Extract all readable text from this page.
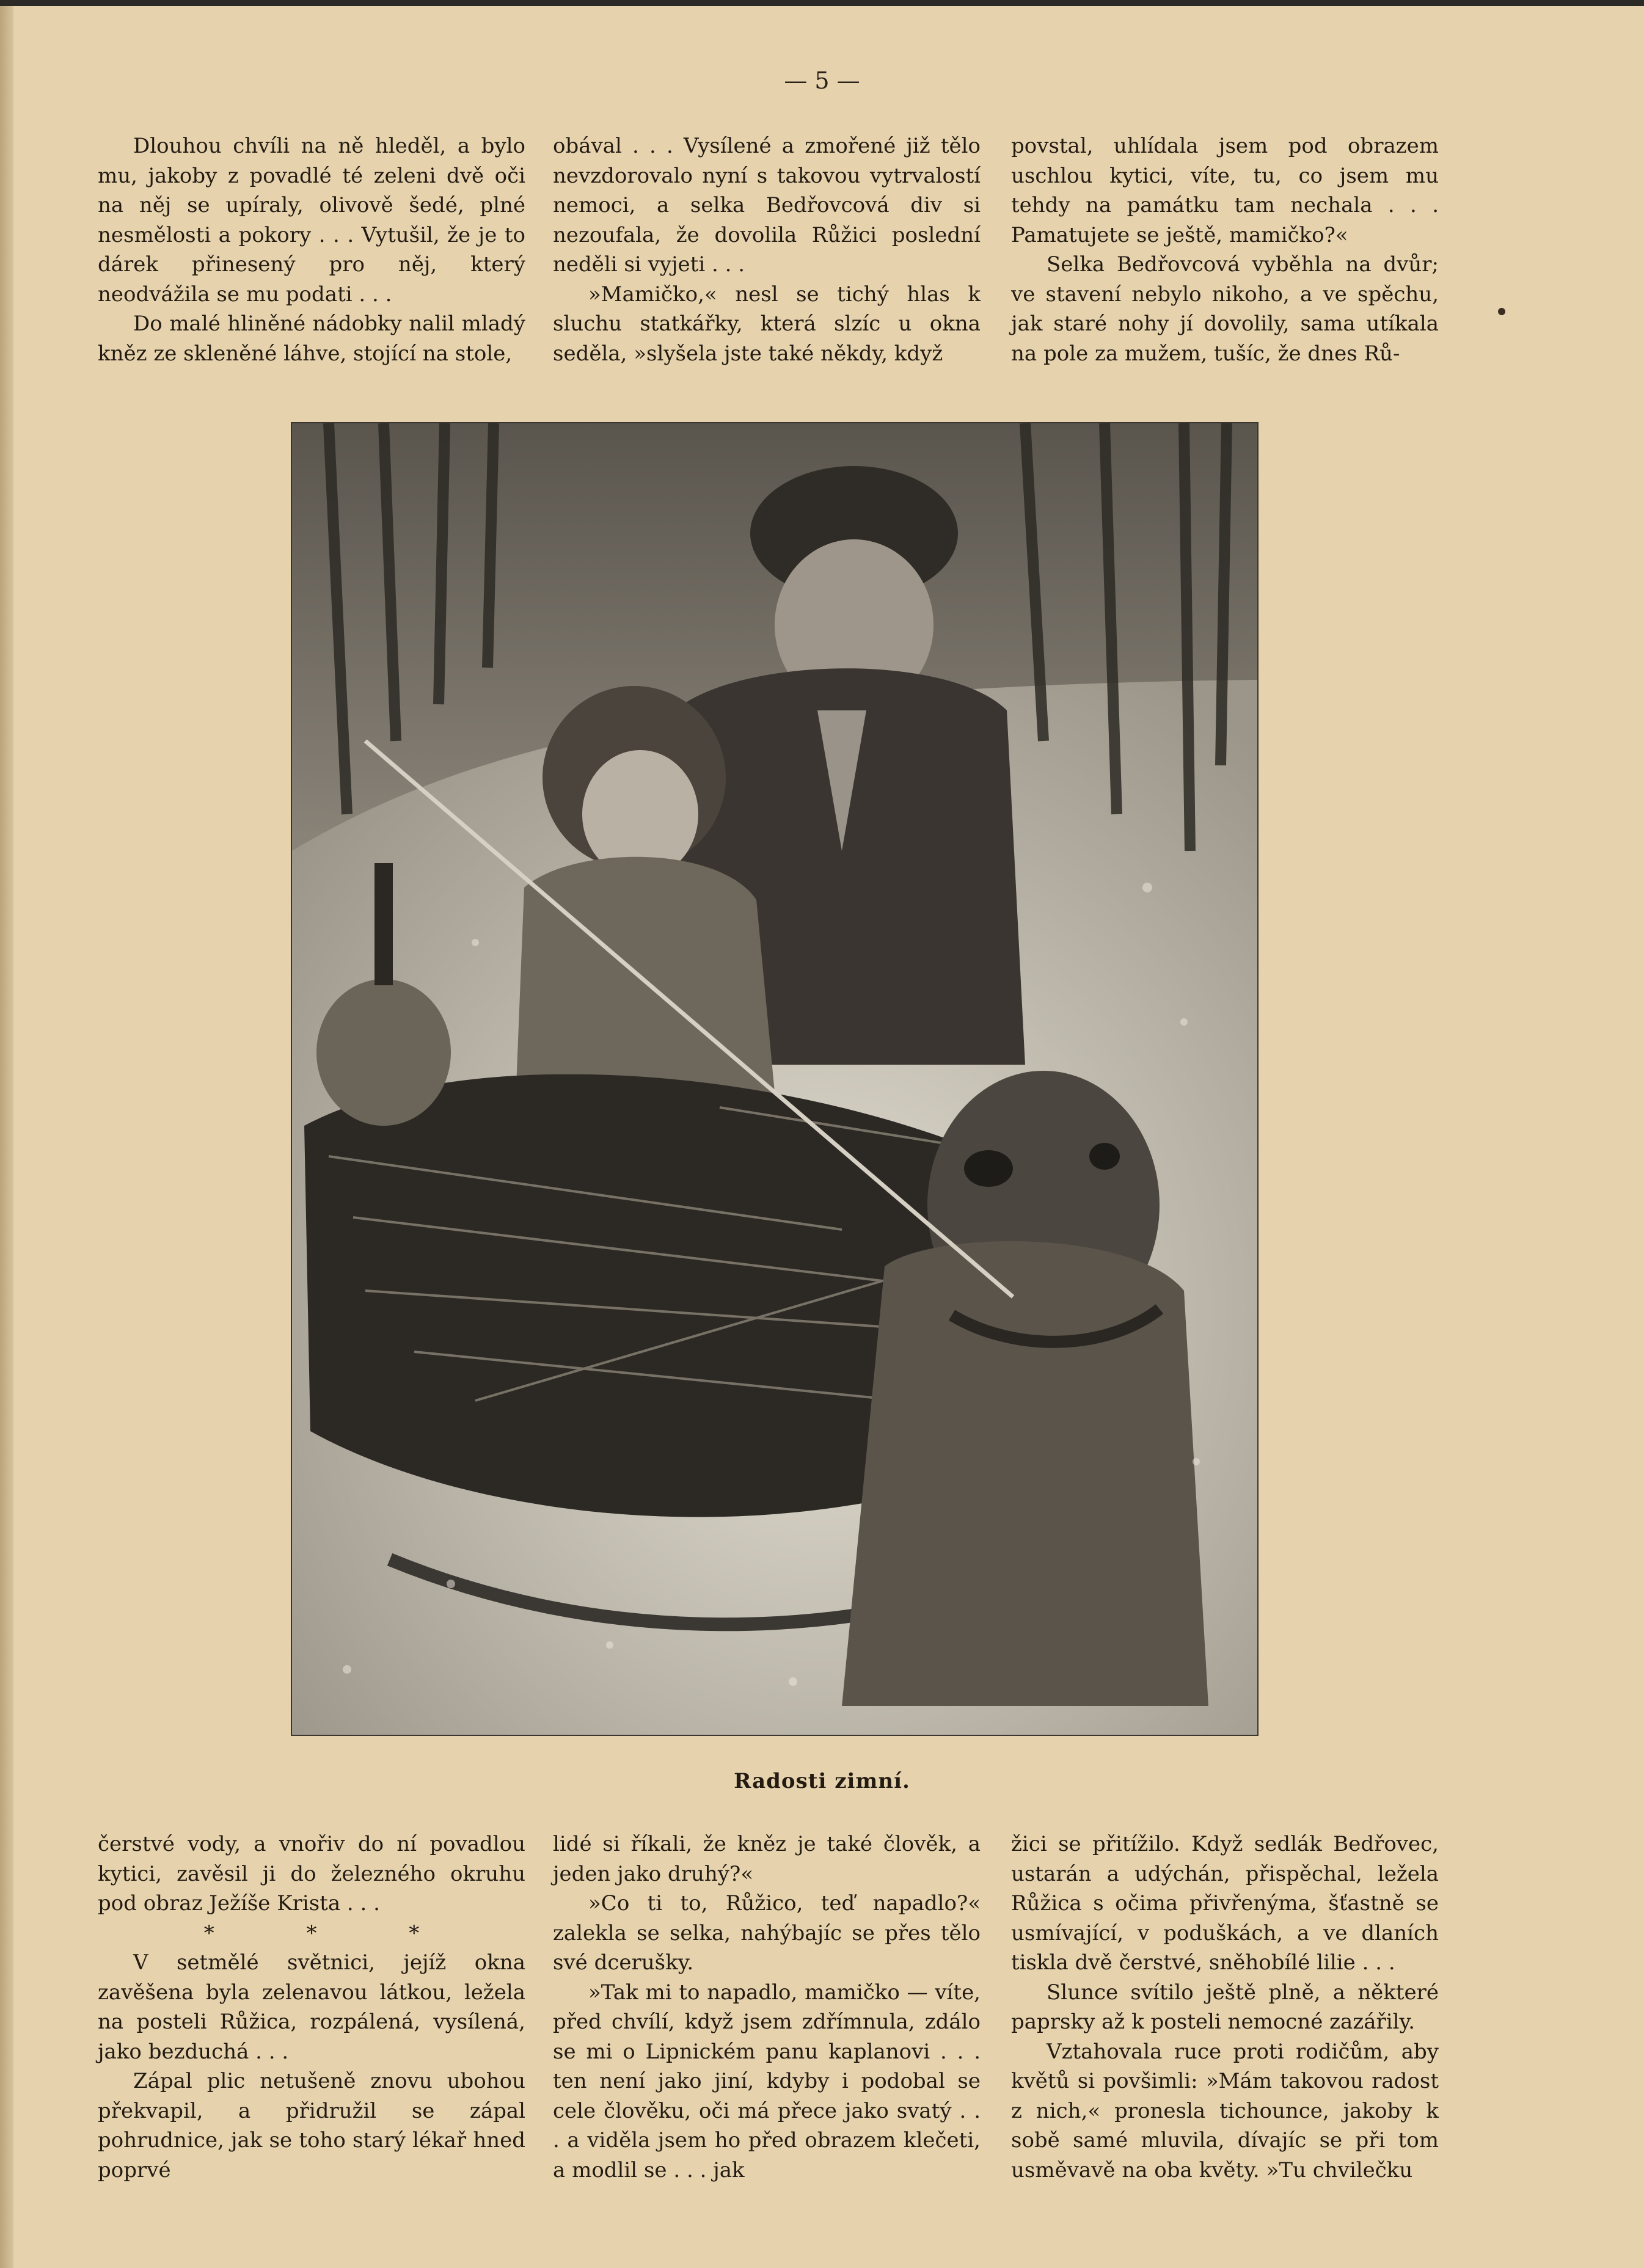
— 5 —

Dlouhou chvíli na ně hleděl, a bylo mu, jakoby z povadlé té zeleni dvě oči na něj se upíraly, olivově šedé, plné nesmělosti a pokory . . . Vytušil, že je to dárek přinesený pro něj, který neodvážila se mu podati . . .

Do malé hliněné nádobky nalil mladý kněz ze skleněné láhve, stojící na stole,

obával . . . Vysílené a zmořené již tělo nevzdorovalo nyní s takovou vytrvalostí nemoci, a selka Bedřovcová div si nezoufala, že dovolila Růžici poslední neděli si vyjeti . . .

»Mamičko,« nesl se tichý hlas k sluchu statkářky, která slzíc u okna seděla, »slyšela jste také někdy, když

povstal, uhlídala jsem pod obrazem uschlou kytici, víte, tu, co jsem mu tehdy na památku tam nechala . . . Pamatujete se ještě, mamičko?«

Selka Bedřovcová vyběhla na dvůr; ve stavení nebylo nikoho, a ve spěchu, jak staré nohy jí dovolily, sama utíkala na pole za mužem, tušíc, že dnes Rů-

Radosti zimní.

čerstvé vody, a vnořiv do ní povadlou kytici, zavěsil ji do železného okruhu pod obraz Ježíše Krista . . .

* * *

V setmělé světnici, jejíž okna zavěšena byla zelenavou látkou, ležela na posteli Růžica, rozpálená, vysílená, jako bezduchá . . .

Zápal plic netušeně znovu ubohou překvapil, a přidružil se zápal pohrudnice, jak se toho starý lékař hned poprvé

lidé si říkali, že kněz je také člověk, a jeden jako druhý?«

»Co ti to, Růžico, teď napadlo?« zalekla se selka, nahýbajíc se přes tělo své dcerušky.

»Tak mi to napadlo, mamičko — víte, před chvílí, když jsem zdřímnula, zdálo se mi o Lipnickém panu kaplanovi . . . ten není jako jiní, kdyby i podobal se cele člověku, oči má přece jako svatý . . . a viděla jsem ho před obrazem klečeti, a modlil se . . . jak

žici se přitížilo. Když sedlák Bedřovec, ustarán a udýchán, přispěchal, ležela Růžica s očima přivřenýma, šťastně se usmívající, v poduškách, a ve dlaních tiskla dvě čerstvé, sněhobílé lilie . . .

Slunce svítilo ještě plně, a některé paprsky až k posteli nemocné zazářily.

Vztahovala ruce proti rodičům, aby květů si povšimli: »Mám takovou radost z nich,« pronesla tichounce, jakoby k sobě samé mluvila, dívajíc se při tom usměvavě na oba květy. »Tu chvilečku
